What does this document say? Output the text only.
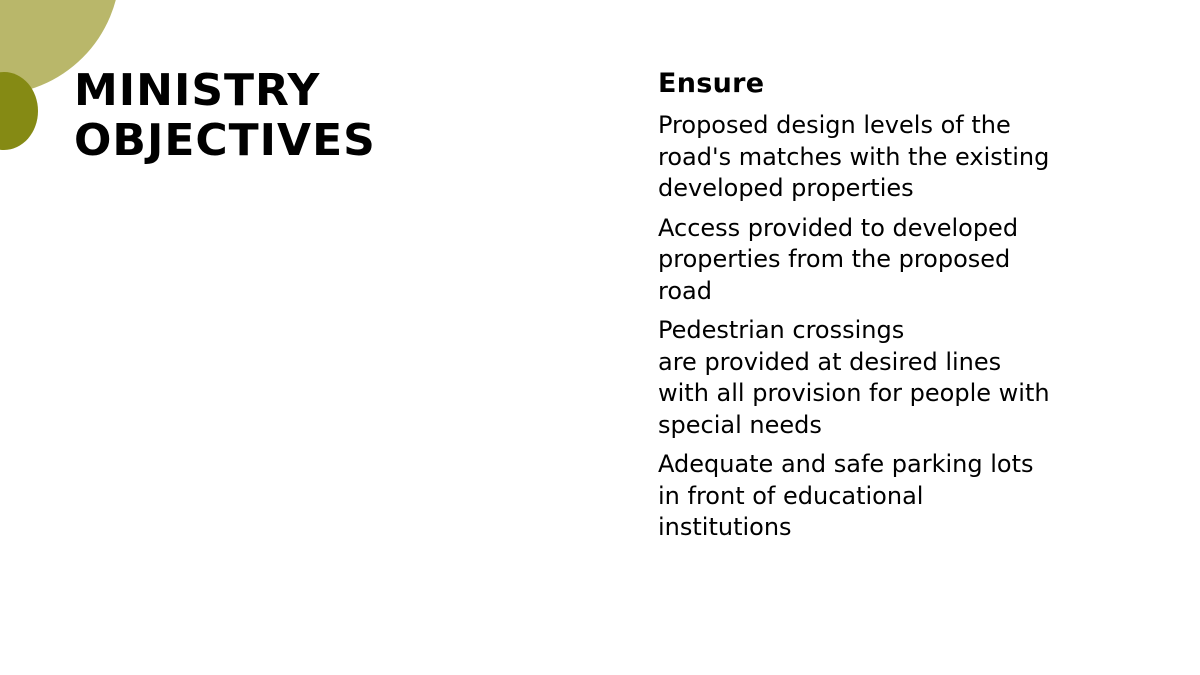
MINISTRY
OBJECTIVES
Ensure
Proposed design levels of the
road's matches with the existing
developed properties
Access provided to developed
properties from the proposed
road
Pedestrian crossings
are provided at desired lines
with all provision for people with
special needs
Adequate and safe parking lots
in front of educational
institutions
